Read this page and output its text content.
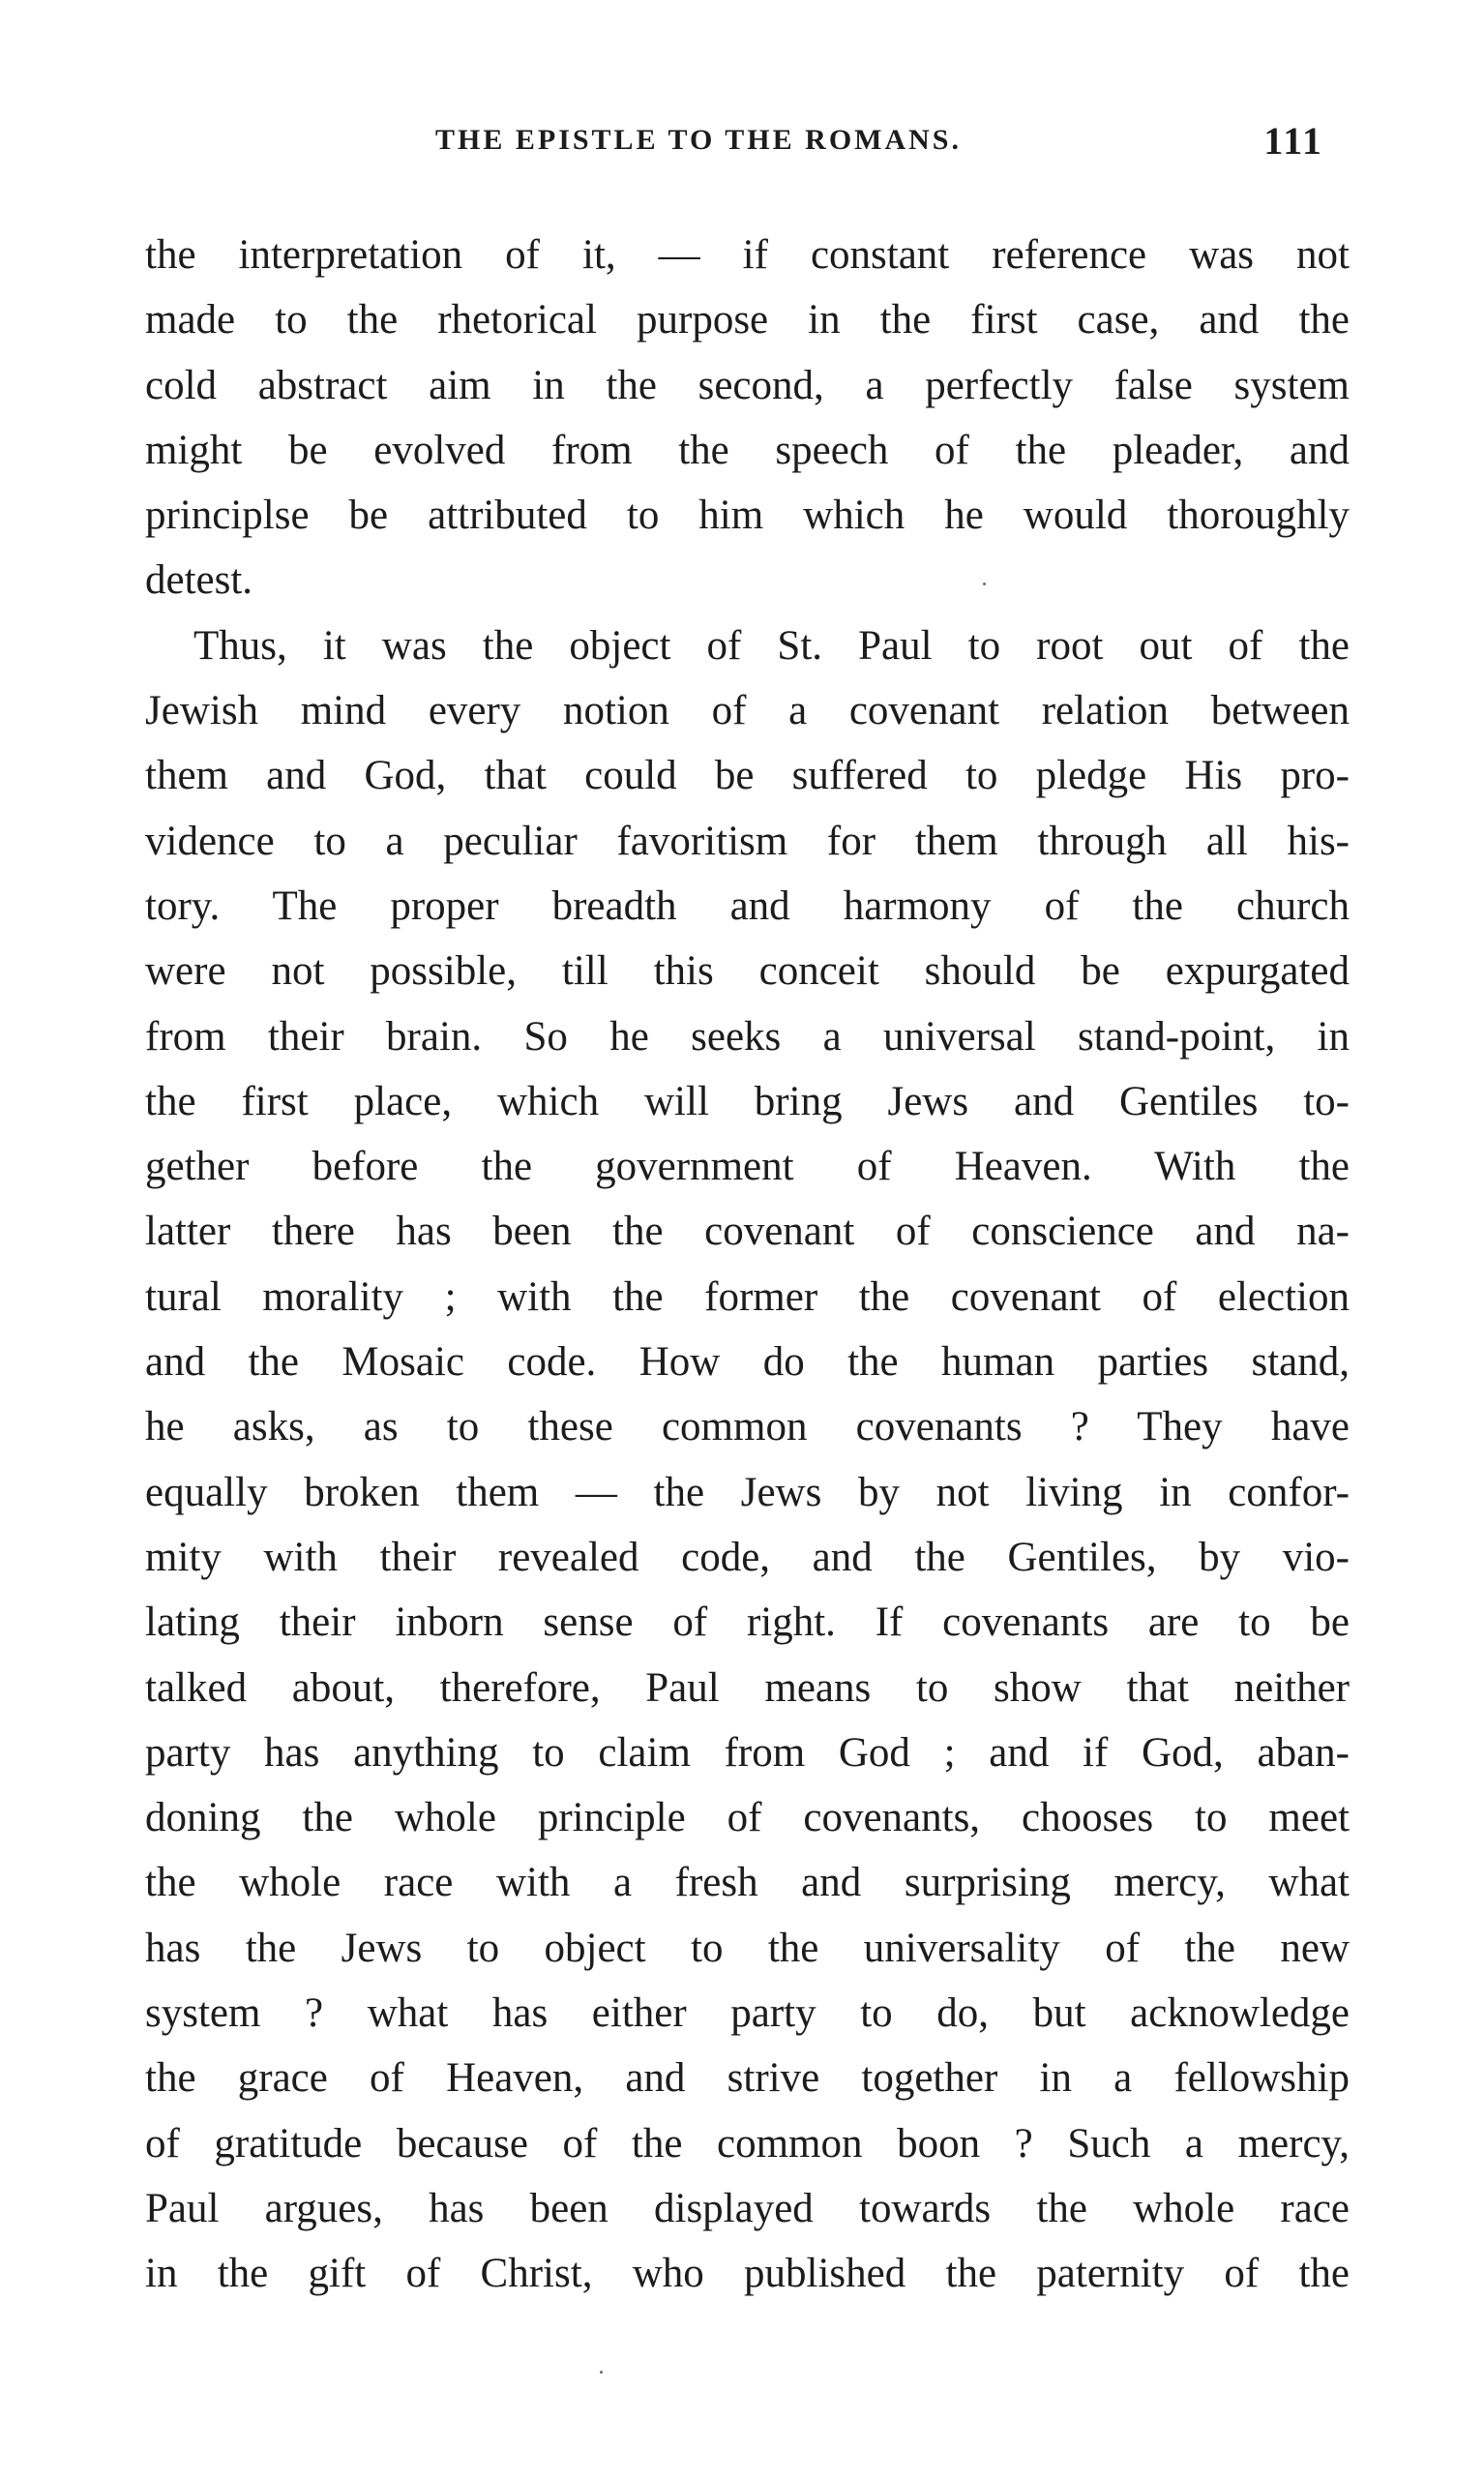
THE EPISTLE TO THE ROMANS.	111
the interpretation of it, — if constant reference was not
made to the rhetorical purpose in the first case, and the
cold abstract aim in the second, a perfectly false system
might be evolved from the speech of the pleader, and
principlse be attributed to him which he would thoroughly
detest.
Thus, it was the object of St. Paul to root out of the
Jewish mind every notion of a covenant relation between
them and God, that could be suffered to pledge His pro-
vidence to a peculiar favoritism for them through all his-
tory. The proper breadth and harmony of the church
were not possible, till this conceit should be expurgated
from their brain. So he seeks a universal stand-point, in
the first place, which will bring Jews and Gentiles to-
gether before the government of Heaven. With the
latter there has been the covenant of conscience and na-
tural morality ; with the former the covenant of election
and the Mosaic code. How do the human parties stand,
he asks, as to these common covenants ? They have
equally broken them — the Jews by not living in confor-
mity with their revealed code, and the Gentiles, by vio-
lating their inborn sense of right. If covenants are to be
talked about, therefore, Paul means to show that neither
party has anything to claim from God ; and if God, aban-
doning the whole principle of covenants, chooses to meet
the whole race with a fresh and surprising mercy, what
has the Jews to object to the universality of the new
system ? what has either party to do, but acknowledge
the grace of Heaven, and strive together in a fellowship
of gratitude because of the common boon ? Such a mercy,
Paul argues, has been displayed towards the whole race
in the gift of Christ, who published the paternity of the
